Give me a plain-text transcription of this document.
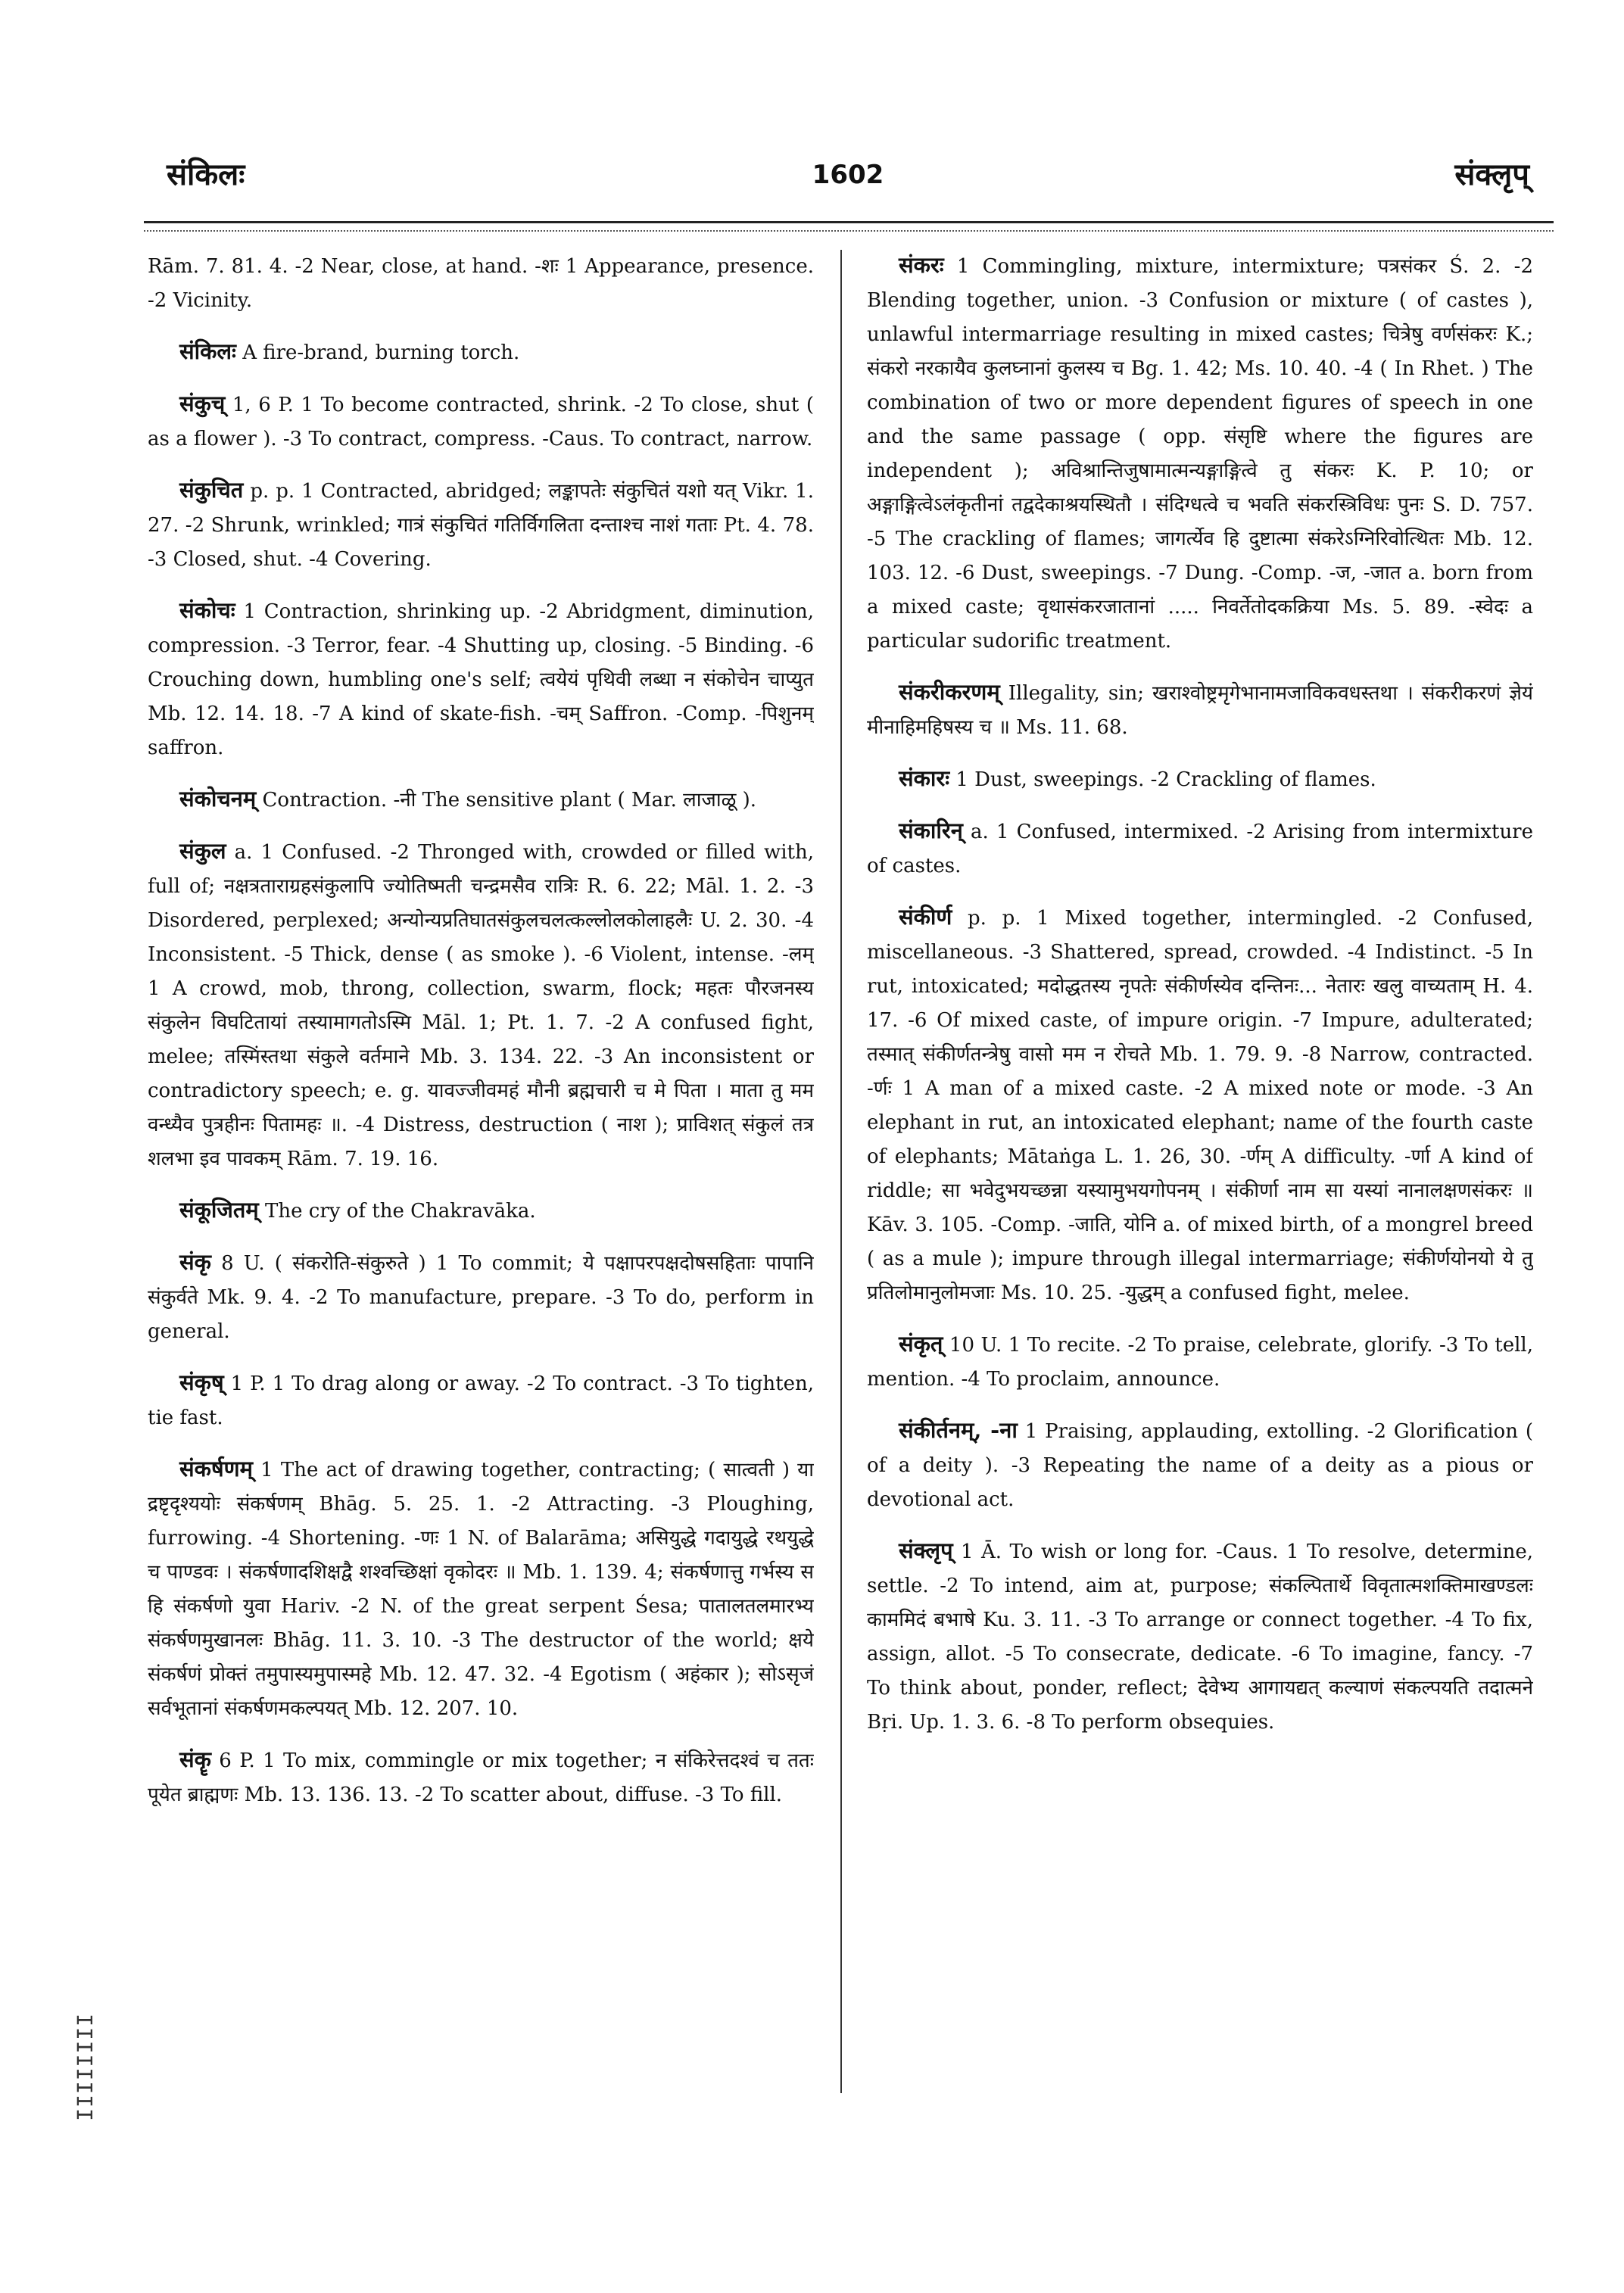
संकिलः	1602	संक्लृप्

Rām. 7. 81. 4. -2 Near, close, at hand. -शः 1 Appearance, presence. -2 Vicinity.

संकिलः A fire-brand, burning torch.

संकुच् 1, 6 P. 1 To become contracted, shrink. -2 To close, shut ( as a flower ). -3 To contract, compress. -Caus. To contract, narrow.

संकुचित p. p. 1 Contracted, abridged; लङ्कापतेः संकुचितं यशो यत् Vikr. 1. 27. -2 Shrunk, wrinkled; गात्रं संकुचितं गतिर्विगलिता दन्ताश्च नाशं गताः Pt. 4. 78. -3 Closed, shut. -4 Covering.

संकोचः 1 Contraction, shrinking up. -2 Abridgment, diminution, compression. -3 Terror, fear. -4 Shutting up, closing. -5 Binding. -6 Crouching down, humbling one's self; त्वयेयं पृथिवी लब्धा न संकोचेन चाप्युत Mb. 12. 14. 18. -7 A kind of skate-fish. -चम् Saffron. -Comp. -पिशुनम् saffron.

संकोचनम् Contraction. -नी The sensitive plant ( Mar. लाजाळू ).

संकुल a. 1 Confused. -2 Thronged with, crowded or filled with, full of; नक्षत्रताराग्रहसंकुलापि ज्योतिष्मती चन्द्रमसैव रात्रिः R. 6. 22; Māl. 1. 2. -3 Disordered, perplexed; अन्योन्यप्रतिघातसंकुलचलत्कल्लोलकोलाहलैः U. 2. 30. -4 Inconsistent. -5 Thick, dense ( as smoke ). -6 Violent, intense. -लम् 1 A crowd, mob, throng, collection, swarm, flock; महतः पौरजनस्य संकुलेन विघटितायां तस्यामागतोऽस्मि Māl. 1; Pt. 1. 7. -2 A confused fight, melee; तस्मिंस्तथा संकुले वर्तमाने Mb. 3. 134. 22. -3 An inconsistent or contradictory speech; e. g. यावज्जीवमहं मौनी ब्रह्मचारी च मे पिता । माता तु मम वन्ध्यैव पुत्रहीनः पितामहः ॥. -4 Distress, destruction ( नाश ); प्राविशत् संकुलं तत्र शलभा इव पावकम् Rām. 7. 19. 16.

संकूजितम् The cry of the Chakravāka.

संकृ 8 U. ( संकरोति-संकुरुते ) 1 To commit; ये पक्षापरपक्षदोषसहिताः पापानि संकुर्वते Mk. 9. 4. -2 To manufacture, prepare. -3 To do, perform in general.

संकृष् 1 P. 1 To drag along or away. -2 To contract. -3 To tighten, tie fast.

संकर्षणम् 1 The act of drawing together, contracting; ( सात्वती ) या द्रष्टृदृश्ययोः संकर्षणम् Bhāg. 5. 25. 1. -2 Attracting. -3 Ploughing, furrowing. -4 Shortening. -णः 1 N. of Balarāma; असियुद्धे गदायुद्धे रथयुद्धे च पाण्डवः । संकर्षणादशिक्षद्वै शश्वच्छिक्षां वृकोदरः ॥ Mb. 1. 139. 4; संकर्षणात्तु गर्भस्य स हि संकर्षणो युवा Hariv. -2 N. of the great serpent Śesa; पातालतलमारभ्य संकर्षणमुखानलः Bhāg. 11. 3. 10. -3 The destructor of the world; क्षये संकर्षणं प्रोक्तं तमुपास्यमुपास्महे Mb. 12. 47. 32. -4 Egotism ( अहंकार ); सोऽसृजं सर्वभूतानां संकर्षणमकल्पयत् Mb. 12. 207. 10.

संकॄ 6 P. 1 To mix, commingle or mix together; न संकिरेत्तदश्वं च ततः पूयेत ब्राह्मणः Mb. 13. 136. 13. -2 To scatter about, diffuse. -3 To fill.

संकरः 1 Commingling, mixture, intermixture; पत्रसंकर Ś. 2. -2 Blending together, union. -3 Confusion or mixture ( of castes ), unlawful intermarriage resulting in mixed castes; चित्रेषु वर्णसंकरः K.; संकरो नरकायैव कुलघ्नानां कुलस्य च Bg. 1. 42; Ms. 10. 40. -4 ( In Rhet. ) The combination of two or more dependent figures of speech in one and the same passage ( opp. संसृष्टि where the figures are independent ); अविश्रान्तिजुषामात्मन्यङ्गाङ्गित्वे तु संकरः K. P. 10; or अङ्गाङ्गित्वेऽलंकृतीनां तद्वदेकाश्रयस्थितौ । संदिग्धत्वे च भवति संकरस्त्रिविधः पुनः S. D. 757. -5 The crackling of flames; जागर्त्येव हि दुष्टात्मा संकरेऽग्निरिवोत्थितः Mb. 12. 103. 12. -6 Dust, sweepings. -7 Dung. -Comp. -ज, -जात a. born from a mixed caste; वृथासंकरजातानां ..... निवर्तेतोदकक्रिया Ms. 5. 89. -स्वेदः a particular sudorific treatment.

संकरीकरणम् Illegality, sin; खराश्वोष्ट्रमृगेभानामजाविकवधस्तथा । संकरीकरणं ज्ञेयं मीनाहिमहिषस्य च ॥ Ms. 11. 68.

संकारः 1 Dust, sweepings. -2 Crackling of flames.

संकारिन् a. 1 Confused, intermixed. -2 Arising from intermixture of castes.

संकीर्ण p. p. 1 Mixed together, intermingled. -2 Confused, miscellaneous. -3 Shattered, spread, crowded. -4 Indistinct. -5 In rut, intoxicated; मदोद्धतस्य नृपतेः संकीर्णस्येव दन्तिनः... नेतारः खलु वाच्यताम् H. 4. 17. -6 Of mixed caste, of impure origin. -7 Impure, adulterated; तस्मात् संकीर्णतन्त्रेषु वासो मम न रोचते Mb. 1. 79. 9. -8 Narrow, contracted. -र्णः 1 A man of a mixed caste. -2 A mixed note or mode. -3 An elephant in rut, an intoxicated elephant; name of the fourth caste of elephants; Mātaṅga L. 1. 26, 30. -र्णम् A difficulty. -र्णा A kind of riddle; सा भवेदुभयच्छन्ना यस्यामुभयगोपनम् । संकीर्णा नाम सा यस्यां नानालक्षणसंकरः ॥ Kāv. 3. 105. -Comp. -जाति, योनि a. of mixed birth, of a mongrel breed ( as a mule ); impure through illegal intermarriage; संकीर्णयोनयो ये तु प्रतिलोमानुलोमजाः Ms. 10. 25. -युद्धम् a confused fight, melee.

संकृत् 10 U. 1 To recite. -2 To praise, celebrate, glorify. -3 To tell, mention. -4 To proclaim, announce.

संकीर्तनम्, -ना 1 Praising, applauding, extolling. -2 Glorification ( of a deity ). -3 Repeating the name of a deity as a pious or devotional act.

संक्लृप् 1 Ā. To wish or long for. -Caus. 1 To resolve, determine, settle. -2 To intend, aim at, purpose; संकल्पितार्थे विवृतात्मशक्तिमाखण्डलः काममिदं बभाषे Ku. 3. 11. -3 To arrange or connect together. -4 To fix, assign, allot. -5 To consecrate, dedicate. -6 To imagine, fancy. -7 To think about, ponder, reflect; देवेभ्य आगायद्यत् कल्याणं संकल्पयति तदात्मने Bṛi. Up. 1. 3. 6. -8 To perform obsequies.

IIIIIIII
